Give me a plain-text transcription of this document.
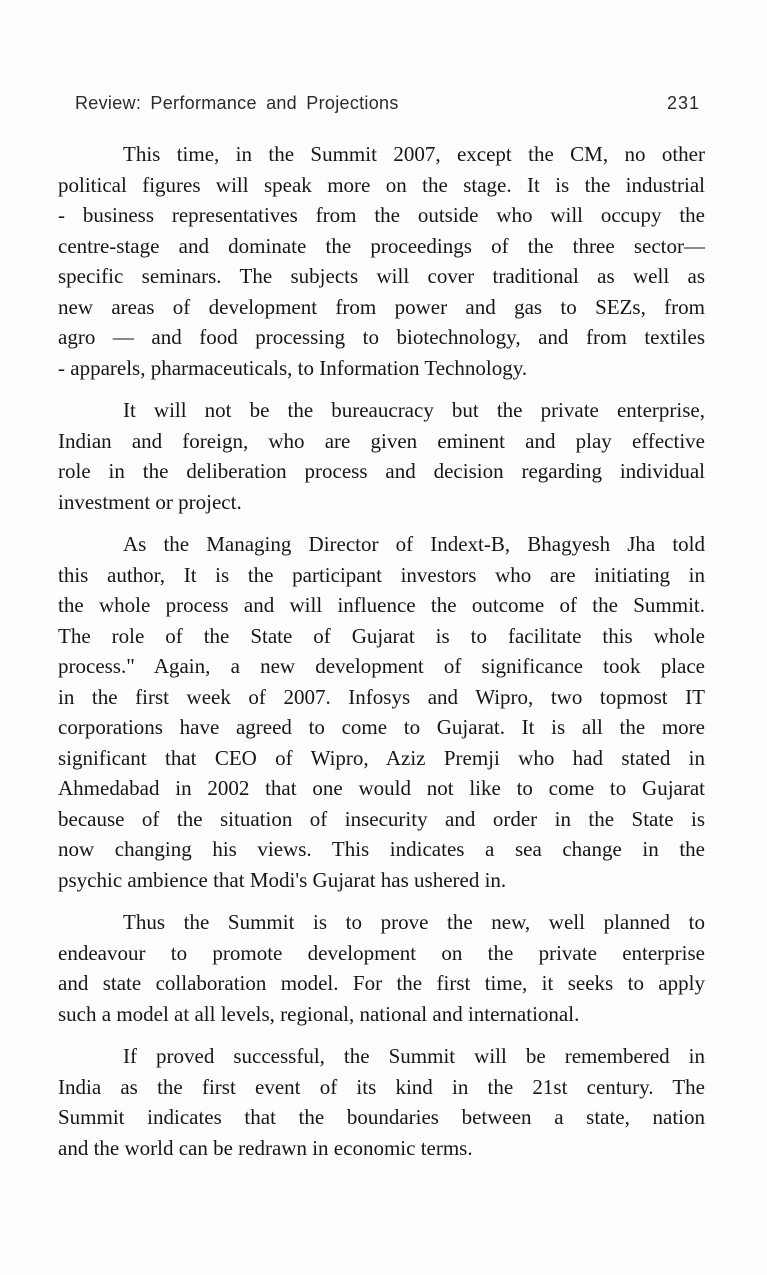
Review: Performance and Projections	231

This time, in the Summit 2007, except the CM, no other
political figures will speak more on the stage. It is the industrial
- business representatives from the outside who will occupy the
centre-stage and dominate the proceedings of the three sector—
specific seminars. The subjects will cover traditional as well as
new areas of development from power and gas to SEZs, from
agro — and food processing to biotechnology, and from textiles
- apparels, pharmaceuticals, to Information Technology.

It will not be the bureaucracy but the private enterprise,
Indian and foreign, who are given eminent and play effective
role in the deliberation process and decision regarding individual
investment or project.

As the Managing Director of Indext-B, Bhagyesh Jha told
this author, It is the participant investors who are initiating in
the whole process and will influence the outcome of the Summit.
The role of the State of Gujarat is to facilitate this whole
process." Again, a new development of significance took place
in the first week of 2007. Infosys and Wipro, two topmost IT
corporations have agreed to come to Gujarat. It is all the more
significant that CEO of Wipro, Aziz Premji who had stated in
Ahmedabad in 2002 that one would not like to come to Gujarat
because of the situation of insecurity and order in the State is
now changing his views. This indicates a sea change in the
psychic ambience that Modi's Gujarat has ushered in.

Thus the Summit is to prove the new, well planned to
endeavour to promote development on the private enterprise
and state collaboration model. For the first time, it seeks to apply
such a model at all levels, regional, national and international.

If proved successful, the Summit will be remembered in
India as the first event of its kind in the 21st century. The
Summit indicates that the boundaries between a state, nation
and the world can be redrawn in economic terms.
